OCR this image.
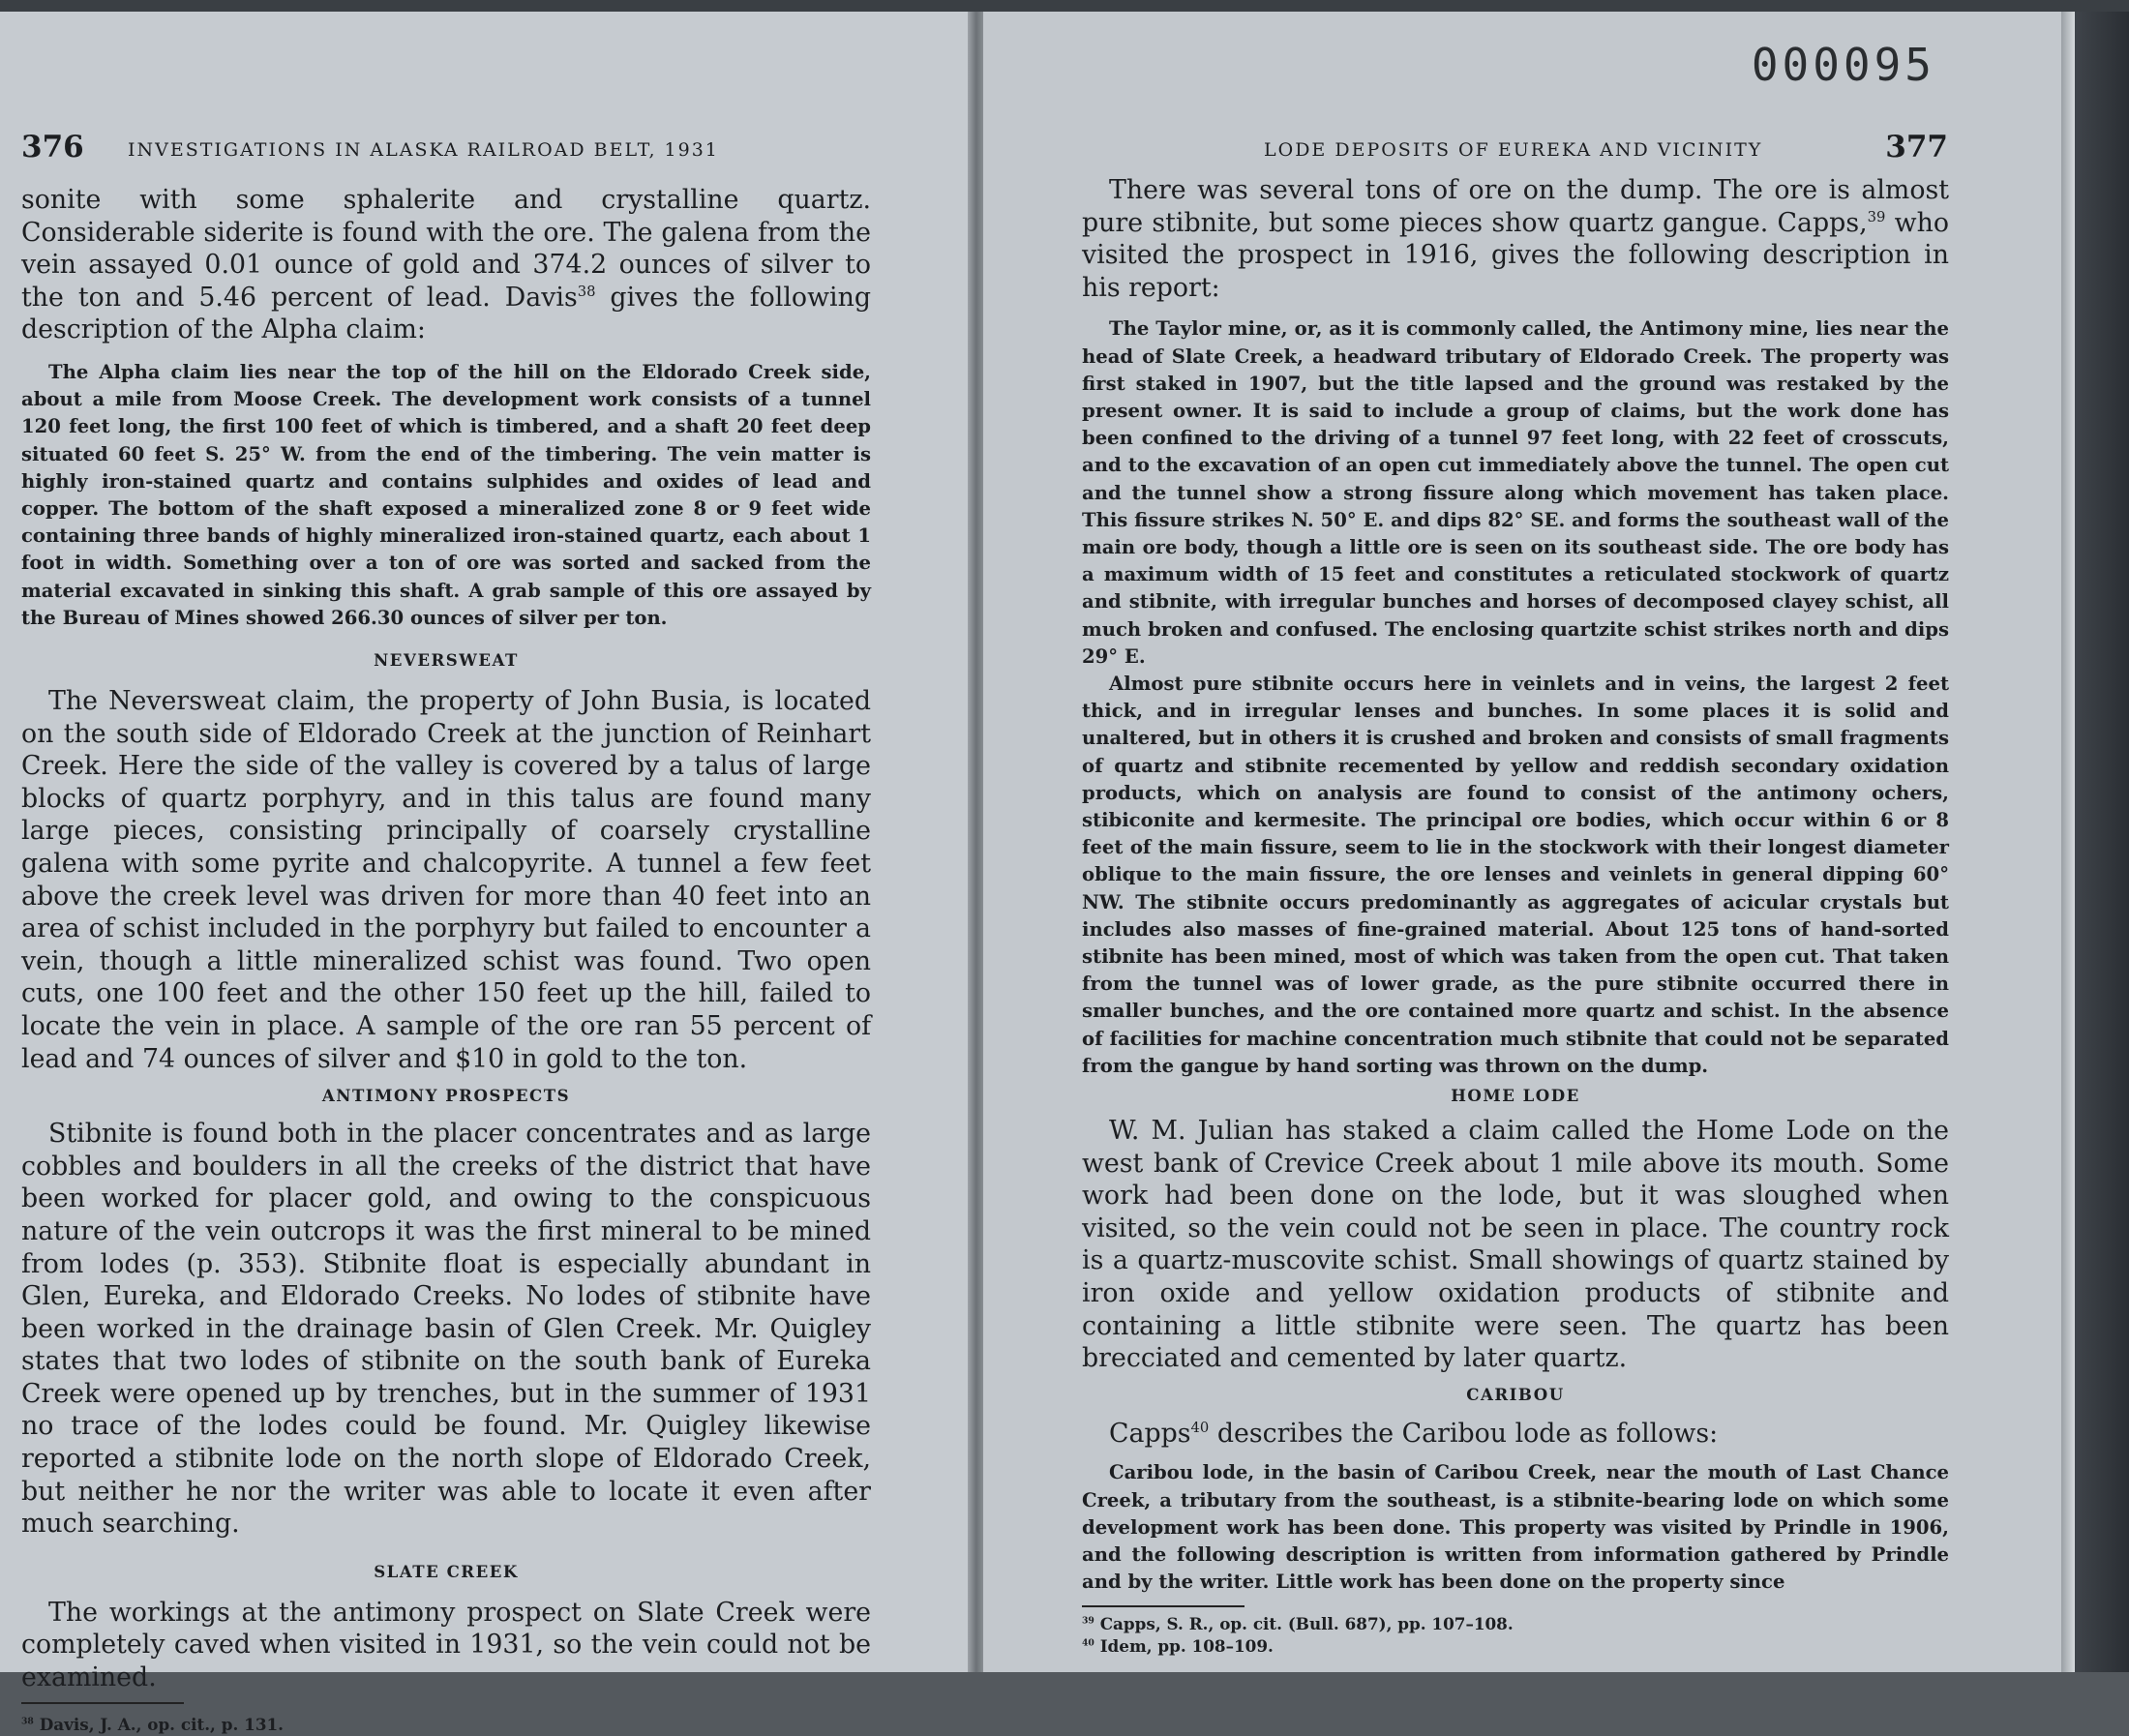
376 INVESTIGATIONS IN ALASKA RAILROAD BELT, 1931

sonite with some sphalerite and crystalline quartz. Considerable siderite is found with the ore. The galena from the vein assayed 0.01 ounce of gold and 374.2 ounces of silver to the ton and 5.46 percent of lead. Davis$^{38}$ gives the following description of the Alpha claim:

The Alpha claim lies near the top of the hill on the Eldorado Creek side, about a mile from Moose Creek. The development work consists of a tunnel 120 feet long, the first 100 feet of which is timbered, and a shaft 20 feet deep situated 60 feet S. 25° W. from the end of the timbering. The vein matter is highly iron-stained quartz and contains sulphides and oxides of lead and copper. The bottom of the shaft exposed a mineralized zone 8 or 9 feet wide containing three bands of highly mineralized iron-stained quartz, each about 1 foot in width. Something over a ton of ore was sorted and sacked from the material excavated in sinking this shaft. A grab sample of this ore assayed by the Bureau of Mines showed 266.30 ounces of silver per ton.

NEVERSWEAT

The Neversweat claim, the property of John Busia, is located on the south side of Eldorado Creek at the junction of Reinhart Creek. Here the side of the valley is covered by a talus of large blocks of quartz porphyry, and in this talus are found many large pieces, consisting principally of coarsely crystalline galena with some pyrite and chalcopyrite. A tunnel a few feet above the creek level was driven for more than 40 feet into an area of schist included in the porphyry but failed to encounter a vein, though a little mineralized schist was found. Two open cuts, one 100 feet and the other 150 feet up the hill, failed to locate the vein in place. A sample of the ore ran 55 percent of lead and 74 ounces of silver and $10 in gold to the ton.

ANTIMONY PROSPECTS

Stibnite is found both in the placer concentrates and as large cobbles and boulders in all the creeks of the district that have been worked for placer gold, and owing to the conspicuous nature of the vein outcrops it was the first mineral to be mined from lodes (p. 353). Stibnite float is especially abundant in Glen, Eureka, and Eldorado Creeks. No lodes of stibnite have been worked in the drainage basin of Glen Creek. Mr. Quigley states that two lodes of stibnite on the south bank of Eureka Creek were opened up by trenches, but in the summer of 1931 no trace of the lodes could be found. Mr. Quigley likewise reported a stibnite lode on the north slope of Eldorado Creek, but neither he nor the writer was able to locate it even after much searching.

SLATE CREEK

The workings at the antimony prospect on Slate Creek were completely caved when visited in 1931, so the vein could not be examined.

$^{38}$ Davis, J. A., op. cit., p. 131.

000095
LODE DEPOSITS OF EUREKA AND VICINITY	377

There was several tons of ore on the dump. The ore is almost pure stibnite, but some pieces show quartz gangue. Capps,$^{39}$ who visited the prospect in 1916, gives the following description in his report:

The Taylor mine, or, as it is commonly called, the Antimony mine, lies near the head of Slate Creek, a headward tributary of Eldorado Creek. The property was first staked in 1907, but the title lapsed and the ground was restaked by the present owner. It is said to include a group of claims, but the work done has been confined to the driving of a tunnel 97 feet long, with 22 feet of crosscuts, and to the excavation of an open cut immediately above the tunnel. The open cut and the tunnel show a strong fissure along which movement has taken place. This fissure strikes N. 50° E. and dips 82° SE. and forms the southeast wall of the main ore body, though a little ore is seen on its southeast side. The ore body has a maximum width of 15 feet and constitutes a reticulated stockwork of quartz and stibnite, with irregular bunches and horses of decomposed clayey schist, all much broken and confused. The enclosing quartzite schist strikes north and dips 29° E.

Almost pure stibnite occurs here in veinlets and in veins, the largest 2 feet thick, and in irregular lenses and bunches. In some places it is solid and unaltered, but in others it is crushed and broken and consists of small fragments of quartz and stibnite recemented by yellow and reddish secondary oxidation products, which on analysis are found to consist of the antimony ochers, stibiconite and kermesite. The principal ore bodies, which occur within 6 or 8 feet of the main fissure, seem to lie in the stockwork with their longest diameter oblique to the main fissure, the ore lenses and veinlets in general dipping 60° NW. The stibnite occurs predominantly as aggregates of acicular crystals but includes also masses of fine-grained material. About 125 tons of hand-sorted stibnite has been mined, most of which was taken from the open cut. That taken from the tunnel was of lower grade, as the pure stibnite occurred there in smaller bunches, and the ore contained more quartz and schist. In the absence of facilities for machine concentration much stibnite that could not be separated from the gangue by hand sorting was thrown on the dump.

HOME LODE

W. M. Julian has staked a claim called the Home Lode on the west bank of Crevice Creek about 1 mile above its mouth. Some work had been done on the lode, but it was sloughed when visited, so the vein could not be seen in place. The country rock is a quartz-muscovite schist. Small showings of quartz stained by iron oxide and yellow oxidation products of stibnite and containing a little stibnite were seen. The quartz has been brecciated and cemented by later quartz.

CARIBOU

Capps$^{40}$ describes the Caribou lode as follows:

Caribou lode, in the basin of Caribou Creek, near the mouth of Last Chance Creek, a tributary from the southeast, is a stibnite-bearing lode on which some development work has been done. This property was visited by Prindle in 1906, and the following description is written from information gathered by Prindle and by the writer. Little work has been done on the property since

$^{39}$ Capps, S. R., op. cit. (Bull. 687), pp. 107–108.

$^{40}$ Idem, pp. 108–109.
